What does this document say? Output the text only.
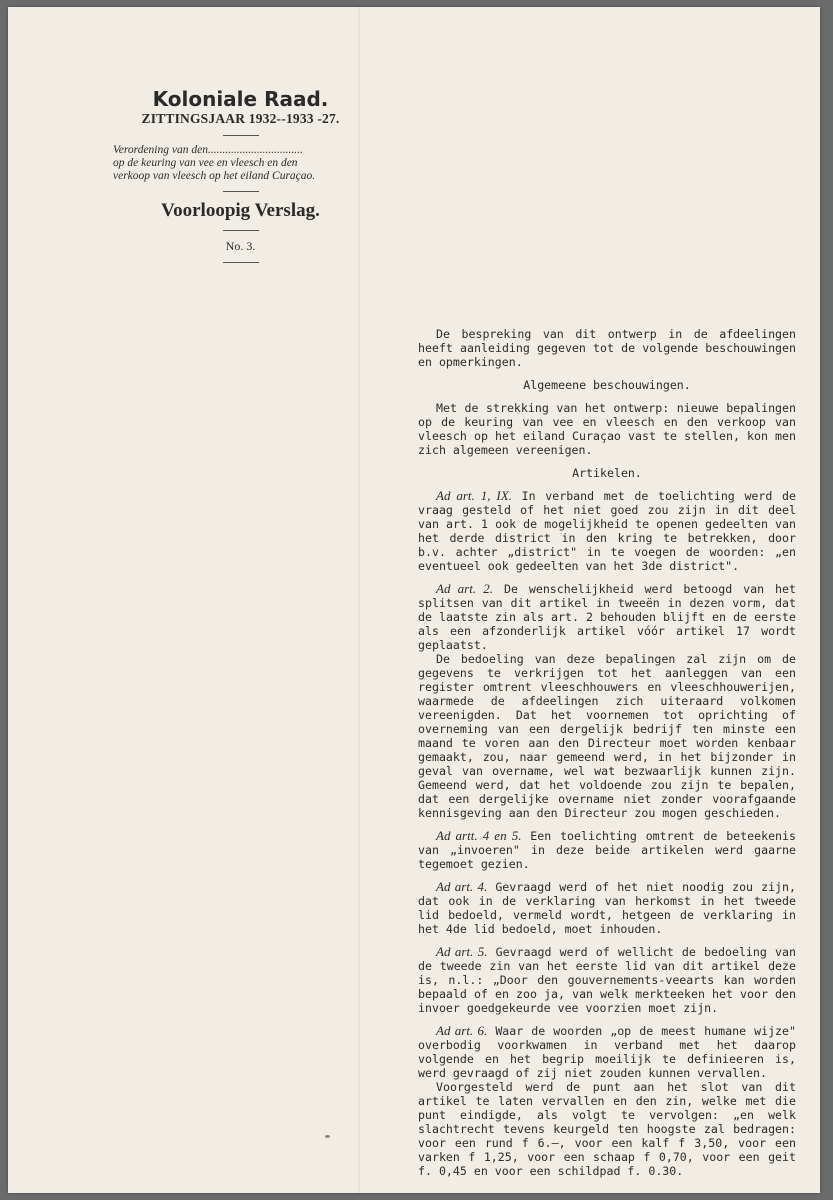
Koloniale Raad.
ZITTINGSJAAR 1932--1933 -27.
Verordening van den.................................
op de keuring van vee en vleesch en den
verkoop van vleesch op het eiland Curaçao.
Voorloopig Verslag.
No. 3.

De bespreking van dit ontwerp in de afdeelingen heeft aanleiding gegeven tot de volgende beschouwingen en opmerkingen.

Algemeene beschouwingen.

Met de strekking van het ontwerp: nieuwe bepalingen op de keuring van vee en vleesch en den verkoop van vleesch op het eiland Curaçao vast te stellen, kon men zich algemeen vereenigen.

Artikelen.

Ad art. 1, IX. In verband met de toelichting werd de vraag gesteld of het niet goed zou zijn in dit deel van art. 1 ook de mogelijkheid te openen gedeelten van het derde district in den kring te betrekken, door b.v. achter „district" in te voegen de woorden: „en eventueel ook gedeelten van het 3de district".

Ad art. 2. De wenschelijkheid werd betoogd van het splitsen van dit artikel in tweeën in dezen vorm, dat de laatste zin als art. 2 behouden blijft en de eerste als een afzonderlijk artikel vóór artikel 17 wordt geplaatst.

De bedoeling van deze bepalingen zal zijn om de gegevens te verkrijgen tot het aanleggen van een register omtrent vleeschhouwers en vleeschhouwerijen, waarmede de afdeelingen zich uiteraard volkomen vereenigden. Dat het voornemen tot oprichting of overneming van een dergelijk bedrijf ten minste een maand te voren aan den Directeur moet worden kenbaar gemaakt, zou, naar gemeend werd, in het bijzonder in geval van overname, wel wat bezwaarlijk kunnen zijn. Gemeend werd, dat het voldoende zou zijn te bepalen, dat een dergelijke overname niet zonder voorafgaande kennisgeving aan den Directeur zou mogen geschieden.

Ad artt. 4 en 5. Een toelichting omtrent de beteekenis van „invoeren" in deze beide artikelen werd gaarne tegemoet gezien.

Ad art. 4. Gevraagd werd of het niet noodig zou zijn, dat ook in de verklaring van herkomst in het tweede lid bedoeld, vermeld wordt, hetgeen de verklaring in het 4de lid bedoeld, moet inhouden.

Ad art. 5. Gevraagd werd of wellicht de bedoeling van de tweede zin van het eerste lid van dit artikel deze is, n.l.: „Door den gouvernements-veearts kan worden bepaald of en zoo ja, van welk merkteeken het voor den invoer goedgekeurde vee voorzien moet zijn.

Ad art. 6. Waar de woorden „op de meest humane wijze" overbodig voorkwamen in verband met het daarop volgende en het begrip moeilijk te definieeren is, werd gevraagd of zij niet zouden kunnen vervallen.

Voorgesteld werd de punt aan het slot van dit artikel te laten vervallen en den zin, welke met die punt eindigde, als volgt te vervolgen: „en welk slachtrecht tevens keurgeld ten hoogste zal bedragen: voor een rund f 6.—, voor een kalf f 3,50, voor een varken f 1,25, voor een schaap f 0,70, voor een geit f. 0,45 en voor een schildpad f. 0.30.
